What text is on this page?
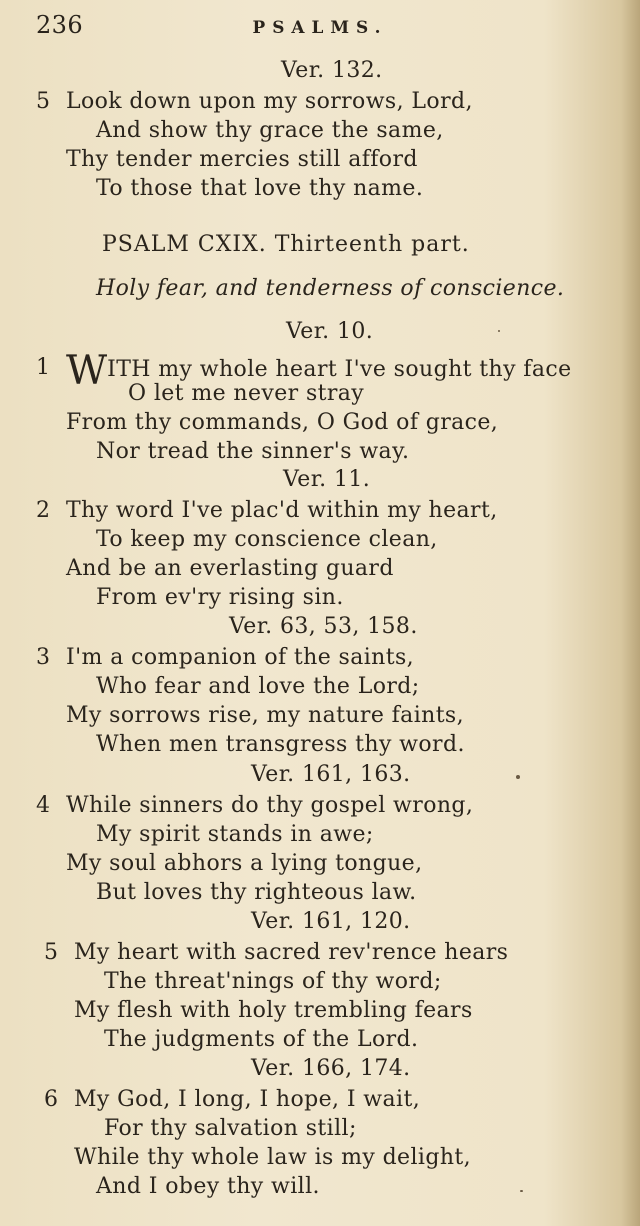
236	PSALMS.
Ver. 132.
5 Look down upon my sorrows, Lord,
And show thy grace the same,
Thy tender mercies still afford
To those that love thy name.
PSALM CXIX. Thirteenth part.
Holy fear, and tenderness of conscience.
Ver. 10.
1 WITH my whole heart I've sought thy face
O let me never stray
From thy commands, O God of grace,
Nor tread the sinner's way.
Ver. 11.
2 Thy word I've plac'd within my heart,
To keep my conscience clean,
And be an everlasting guard
From ev'ry rising sin.
Ver. 63, 53, 158.
3 I'm a companion of the saints,
Who fear and love the Lord;
My sorrows rise, my nature faints,
When men transgress thy word.
Ver. 161, 163.
4 While sinners do thy gospel wrong,
My spirit stands in awe;
My soul abhors a lying tongue,
But loves thy righteous law.
Ver. 161, 120.
5 My heart with sacred rev'rence hears
The threat'nings of thy word;
My flesh with holy trembling fears
The judgments of the Lord.
Ver. 166, 174.
6 My God, I long, I hope, I wait,
For thy salvation still;
While thy whole law is my delight,
And I obey thy will.
